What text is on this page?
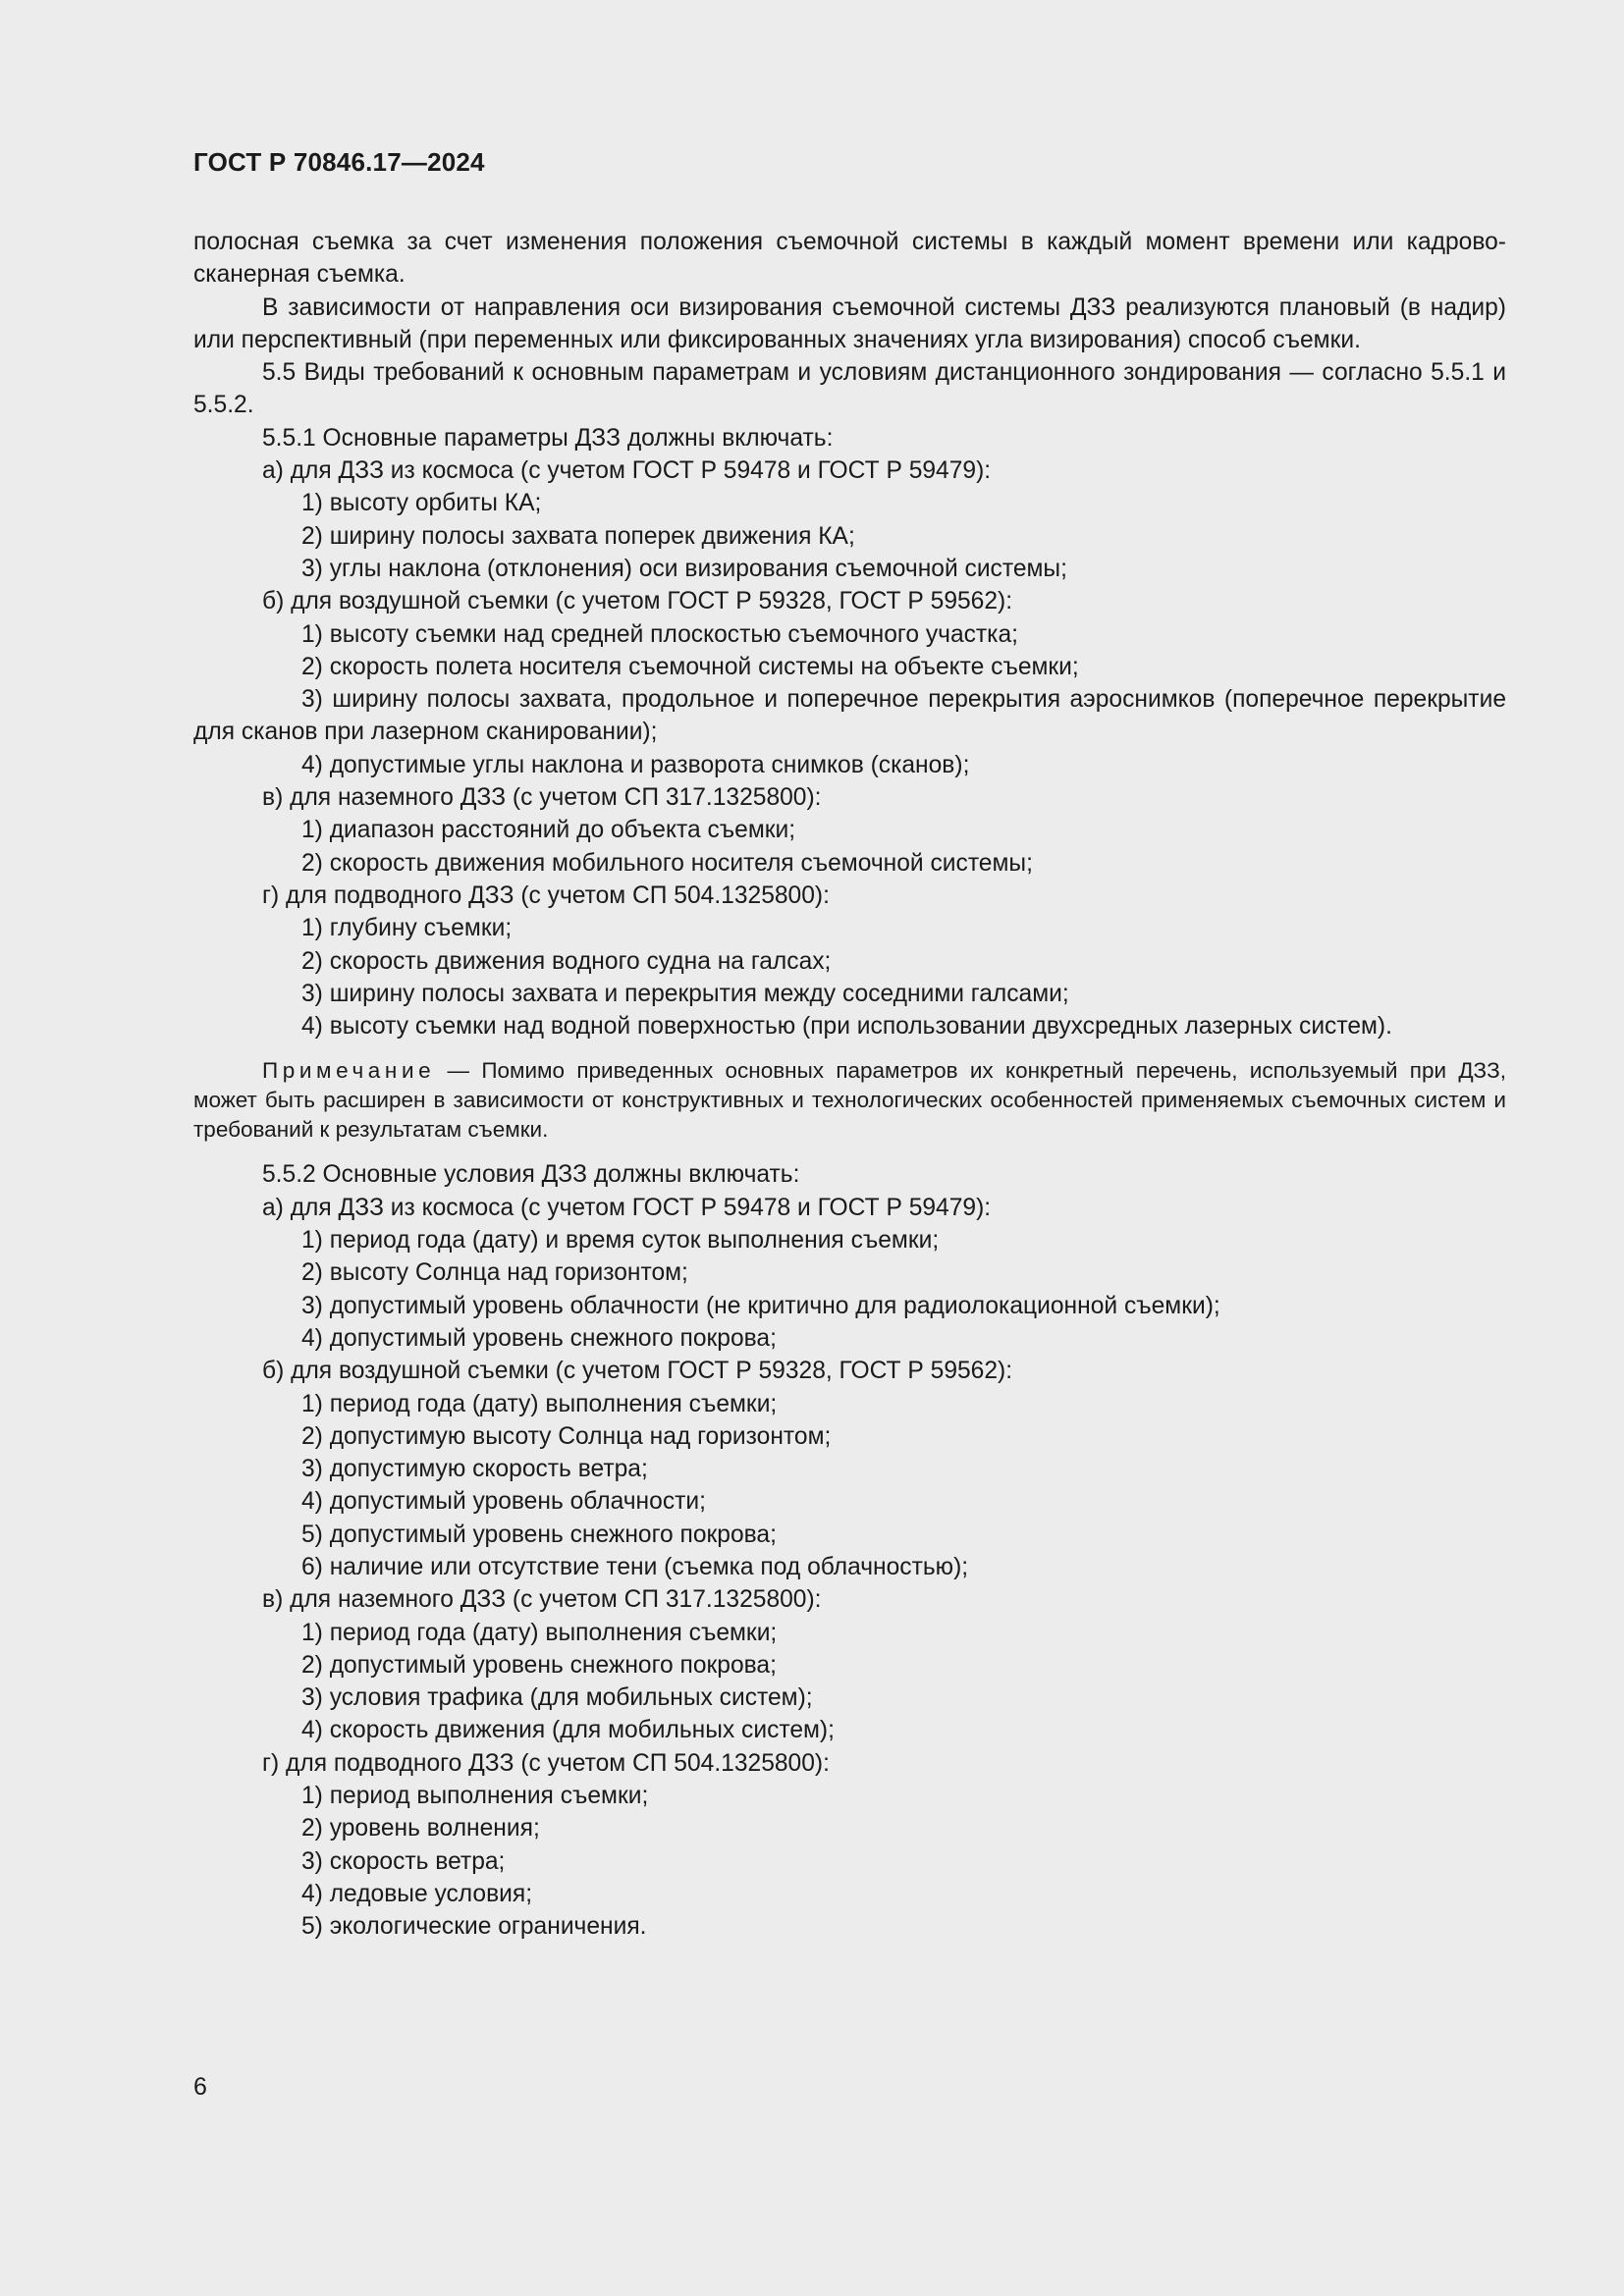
ГОСТ Р 70846.17—2024
полосная съемка за счет изменения положения съемочной системы в каждый момент времени или кадрово-сканерная съемка.
В зависимости от направления оси визирования съемочной системы ДЗЗ реализуются плановый (в надир) или перспективный (при переменных или фиксированных значениях угла визирования) способ съемки.
5.5 Виды требований к основным параметрам и условиям дистанционного зондирования — согласно 5.5.1 и 5.5.2.
5.5.1 Основные параметры ДЗЗ должны включать:
а) для ДЗЗ из космоса (с учетом ГОСТ Р 59478 и ГОСТ Р 59479):
1) высоту орбиты КА;
2) ширину полосы захвата поперек движения КА;
3) углы наклона (отклонения) оси визирования съемочной системы;
б) для воздушной съемки (с учетом ГОСТ Р 59328, ГОСТ Р 59562):
1) высоту съемки над средней плоскостью съемочного участка;
2) скорость полета носителя съемочной системы на объекте съемки;
3) ширину полосы захвата, продольное и поперечное перекрытия аэроснимков (поперечное перекрытие для сканов при лазерном сканировании);
4) допустимые углы наклона и разворота снимков (сканов);
в) для наземного ДЗЗ (с учетом СП 317.1325800):
1) диапазон расстояний до объекта съемки;
2) скорость движения мобильного носителя съемочной системы;
г) для подводного ДЗЗ (с учетом СП 504.1325800):
1) глубину съемки;
2) скорость движения водного судна на галсах;
3) ширину полосы захвата и перекрытия между соседними галсами;
4) высоту съемки над водной поверхностью (при использовании двухсредных лазерных систем).
Примечание — Помимо приведенных основных параметров их конкретный перечень, используемый при ДЗЗ, может быть расширен в зависимости от конструктивных и технологических особенностей применяемых съемочных систем и требований к результатам съемки.
5.5.2 Основные условия ДЗЗ должны включать:
а) для ДЗЗ из космоса (с учетом ГОСТ Р 59478 и ГОСТ Р 59479):
1) период года (дату) и время суток выполнения съемки;
2) высоту Солнца над горизонтом;
3) допустимый уровень облачности (не критично для радиолокационной съемки);
4) допустимый уровень снежного покрова;
б) для воздушной съемки (с учетом ГОСТ Р 59328, ГОСТ Р 59562):
1) период года (дату) выполнения съемки;
2) допустимую высоту Солнца над горизонтом;
3) допустимую скорость ветра;
4) допустимый уровень облачности;
5) допустимый уровень снежного покрова;
6) наличие или отсутствие тени (съемка под облачностью);
в) для наземного ДЗЗ (с учетом СП 317.1325800):
1) период года (дату) выполнения съемки;
2) допустимый уровень снежного покрова;
3) условия трафика (для мобильных систем);
4) скорость движения (для мобильных систем);
г) для подводного ДЗЗ (с учетом СП 504.1325800):
1) период выполнения съемки;
2) уровень волнения;
3) скорость ветра;
4) ледовые условия;
5) экологические ограничения.
6
